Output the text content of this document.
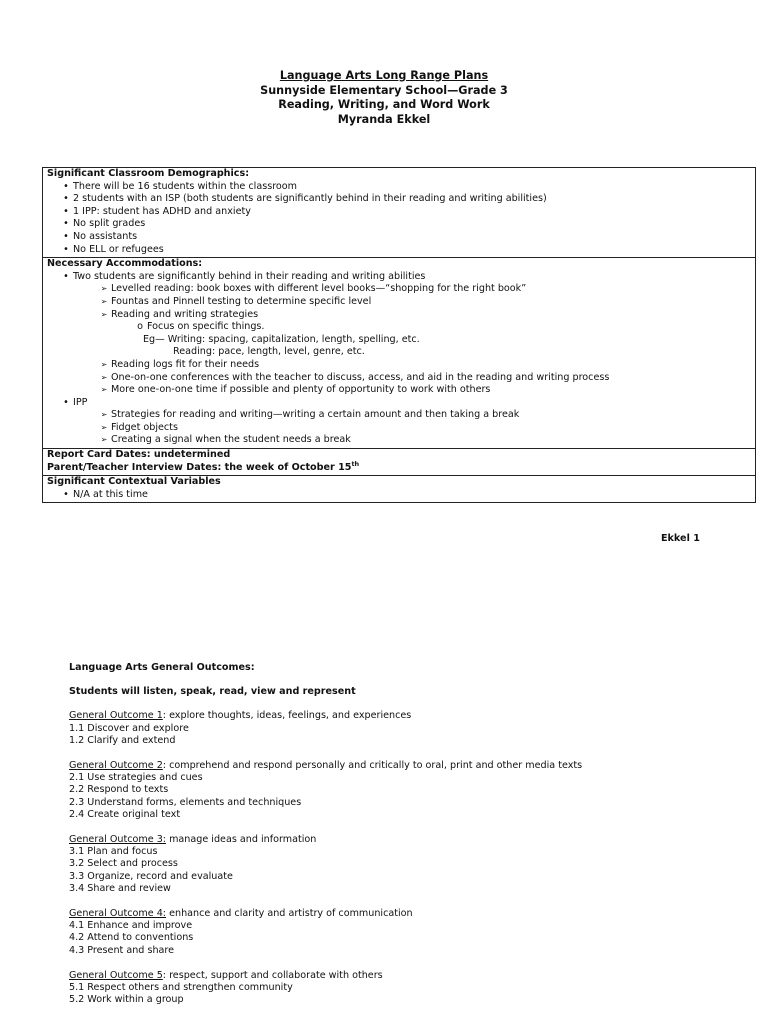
Language Arts Long Range Plans
Sunnyside Elementary School—Grade 3
Reading, Writing, and Word Work
Myranda Ekkel
Significant Classroom Demographics:
• There will be 16 students within the classroom
• 2 students with an ISP (both students are significantly behind in their reading and writing abilities)
• 1 IPP: student has ADHD and anxiety
• No split grades
• No assistants
• No ELL or refugees

Necessary Accommodations:
• Two students are significantly behind in their reading and writing abilities
➢ Levelled reading: book boxes with different level books—“shopping for the right book”
➢ Fountas and Pinnell testing to determine specific level
➢ Reading and writing strategies
o Focus on specific things.
Eg— Writing: spacing, capitalization, length, spelling, etc.
Reading: pace, length, level, genre, etc.
➢ Reading logs fit for their needs
➢ One-on-one conferences with the teacher to discuss, access, and aid in the reading and writing process
➢ More one-on-one time if possible and plenty of opportunity to work with others
• IPP
➢ Strategies for reading and writing—writing a certain amount and then taking a break
➢ Fidget objects
➢ Creating a signal when the student needs a break

Report Card Dates: undetermined
Parent/Teacher Interview Dates: the week of October 15th

Significant Contextual Variables
• N/A at this time
Ekkel 1
Language Arts General Outcomes:
Students will listen, speak, read, view and represent
General Outcome 1: explore thoughts, ideas, feelings, and experiences
1.1 Discover and explore
1.2 Clarify and extend
General Outcome 2: comprehend and respond personally and critically to oral, print and other media texts
2.1 Use strategies and cues
2.2 Respond to texts
2.3 Understand forms, elements and techniques
2.4 Create original text
General Outcome 3: manage ideas and information
3.1 Plan and focus
3.2 Select and process
3.3 Organize, record and evaluate
3.4 Share and review
General Outcome 4: enhance and clarity and artistry of communication
4.1 Enhance and improve
4.2 Attend to conventions
4.3 Present and share
General Outcome 5: respect, support and collaborate with others
5.1 Respect others and strengthen community
5.2 Work within a group
